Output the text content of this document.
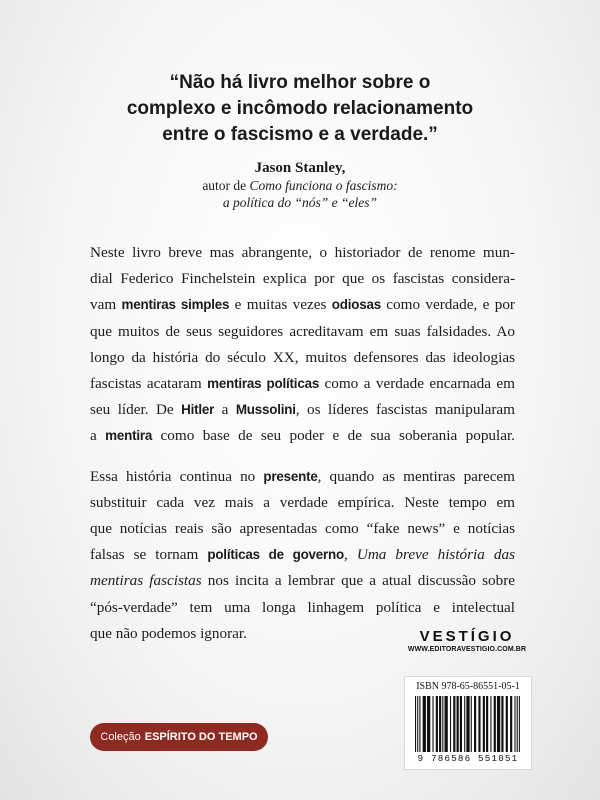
“Não há livro melhor sobre o
complexo e incômodo relacionamento
entre o fascismo e a verdade.”

Jason Stanley,
autor de Como funciona o fascismo:
a política do “nós” e “eles”

Neste livro breve mas abrangente, o historiador de renome mun-
dial Federico Finchelstein explica por que os fascistas considera-
vam mentiras simples e muitas vezes odiosas como verdade, e por
que muitos de seus seguidores acreditavam em suas falsidades. Ao
longo da história do século XX, muitos defensores das ideologias
fascistas acataram mentiras políticas como a verdade encarnada em
seu líder. De Hitler a Mussolini, os líderes fascistas manipularam
a mentira como base de seu poder e de sua soberania popular.

Essa história continua no presente, quando as mentiras parecem
substituir cada vez mais a verdade empírica. Neste tempo em
que notícias reais são apresentadas como “fake news” e notícias
falsas se tornam políticas de governo, Uma breve história das
mentiras fascistas nos incita a lembrar que a atual discussão sobre
“pós-verdade” tem uma longa linhagem política e intelectual
que não podemos ignorar.	VESTÍGIO
WWW.EDITORAVESTIGIO.COM.BR
ISBN 978-65-86551-05-1
9 786586 551051
Coleção ESPÍRITO DO TEMPO
